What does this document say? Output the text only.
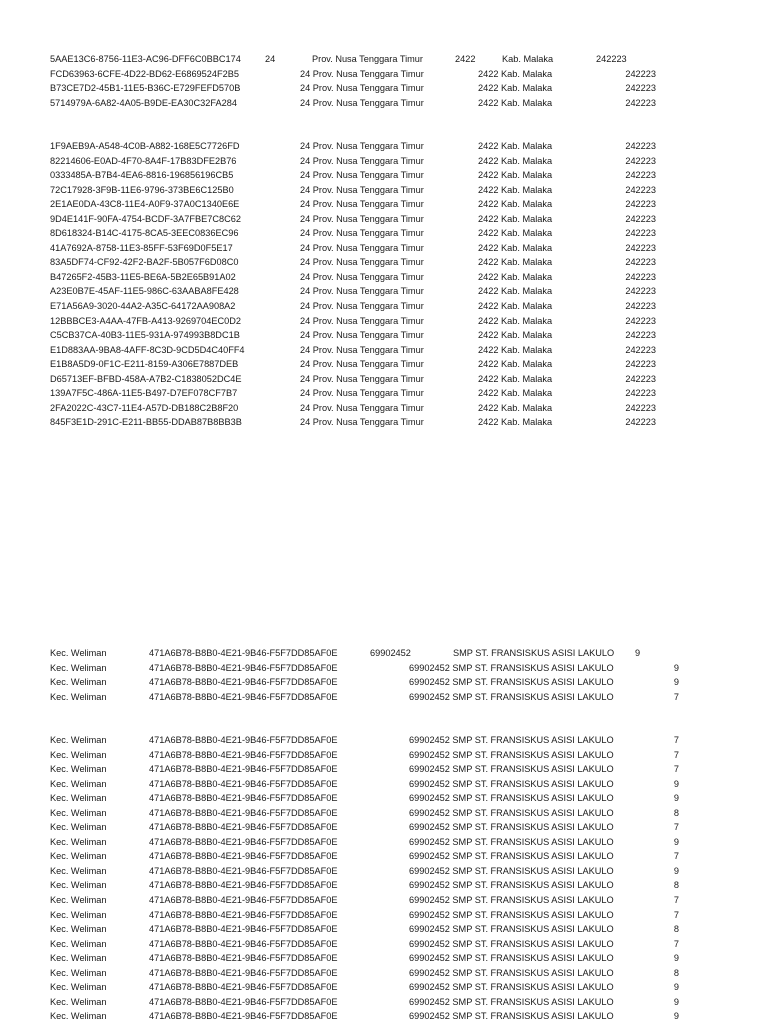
5AAE13C6-8756-11E3-AC96-DFF6C0BBC174	24	Prov. Nusa Tenggara Timur	2422	Kab. Malaka	242223
FCD63963-6CFE-4D22-BD62-E6869524F2B5	24 Prov. Nusa Tenggara Timur	2422 Kab. Malaka	242223
B73CE7D2-45B1-11E5-B36C-E729FEFD570B	24 Prov. Nusa Tenggara Timur	2422 Kab. Malaka	242223
5714979A-6A82-4A05-B9DE-EA30C32FA284	24 Prov. Nusa Tenggara Timur	2422 Kab. Malaka	242223
1F9AEB9A-A548-4C0B-A882-168E5C7726FD	24 Prov. Nusa Tenggara Timur	2422 Kab. Malaka	242223
82214606-E0AD-4F70-8A4F-17B83DFE2B76	24 Prov. Nusa Tenggara Timur	2422 Kab. Malaka	242223
0333485A-B7B4-4EA6-8816-196856196CB5	24 Prov. Nusa Tenggara Timur	2422 Kab. Malaka	242223
72C17928-3F9B-11E6-9796-373BE6C125B0	24 Prov. Nusa Tenggara Timur	2422 Kab. Malaka	242223
2E1AE0DA-43C8-11E4-A0F9-37A0C1340E6E	24 Prov. Nusa Tenggara Timur	2422 Kab. Malaka	242223
9D4E141F-90FA-4754-BCDF-3A7FBE7C8C62	24 Prov. Nusa Tenggara Timur	2422 Kab. Malaka	242223
8D618324-B14C-4175-8CA5-3EEC0836EC96	24 Prov. Nusa Tenggara Timur	2422 Kab. Malaka	242223
41A7692A-8758-11E3-85FF-53F69D0F5E17	24 Prov. Nusa Tenggara Timur	2422 Kab. Malaka	242223
83A5DF74-CF92-42F2-BA2F-5B057F6D08C0	24 Prov. Nusa Tenggara Timur	2422 Kab. Malaka	242223
B47265F2-45B3-11E5-BE6A-5B2E65B91A02	24 Prov. Nusa Tenggara Timur	2422 Kab. Malaka	242223
A23E0B7E-45AF-11E5-986C-63AABA8FE428	24 Prov. Nusa Tenggara Timur	2422 Kab. Malaka	242223
E71A56A9-3020-44A2-A35C-64172AA908A2	24 Prov. Nusa Tenggara Timur	2422 Kab. Malaka	242223
12BBBCE3-A4AA-47FB-A413-9269704EC0D2	24 Prov. Nusa Tenggara Timur	2422 Kab. Malaka	242223
C5CB37CA-40B3-11E5-931A-974993B8DC1B	24 Prov. Nusa Tenggara Timur	2422 Kab. Malaka	242223
E1D883AA-9BA8-4AFF-8C3D-9CD5D4C40FF4	24 Prov. Nusa Tenggara Timur	2422 Kab. Malaka	242223
E1B8A5D9-0F1C-E211-8159-A306E7887DEB	24 Prov. Nusa Tenggara Timur	2422 Kab. Malaka	242223
D65713EF-BFBD-458A-A7B2-C1838052DC4E	24 Prov. Nusa Tenggara Timur	2422 Kab. Malaka	242223
139A7F5C-486A-11E5-B497-D7EF078CF7B7	24 Prov. Nusa Tenggara Timur	2422 Kab. Malaka	242223
2FA2022C-43C7-11E4-A57D-DB188C2B8F20	24 Prov. Nusa Tenggara Timur	2422 Kab. Malaka	242223
845F3E1D-291C-E211-BB55-DDAB87B8BB3B	24 Prov. Nusa Tenggara Timur	2422 Kab. Malaka	242223
Kec. Weliman	471A6B78-B8B0-4E21-9B46-F5F7DD85AF0E	69902452	SMP ST. FRANSISKUS ASISI LAKULO 9
Kec. Weliman	471A6B78-B8B0-4E21-9B46-F5F7DD85AF0E	69902452 SMP ST. FRANSISKUS ASISI LAKULO	9
Kec. Weliman	471A6B78-B8B0-4E21-9B46-F5F7DD85AF0E	69902452 SMP ST. FRANSISKUS ASISI LAKULO	9
Kec. Weliman	471A6B78-B8B0-4E21-9B46-F5F7DD85AF0E	69902452 SMP ST. FRANSISKUS ASISI LAKULO	7
Kec. Weliman	471A6B78-B8B0-4E21-9B46-F5F7DD85AF0E	69902452 SMP ST. FRANSISKUS ASISI LAKULO	7
Kec. Weliman	471A6B78-B8B0-4E21-9B46-F5F7DD85AF0E	69902452 SMP ST. FRANSISKUS ASISI LAKULO	7
Kec. Weliman	471A6B78-B8B0-4E21-9B46-F5F7DD85AF0E	69902452 SMP ST. FRANSISKUS ASISI LAKULO	7
Kec. Weliman	471A6B78-B8B0-4E21-9B46-F5F7DD85AF0E	69902452 SMP ST. FRANSISKUS ASISI LAKULO	9
Kec. Weliman	471A6B78-B8B0-4E21-9B46-F5F7DD85AF0E	69902452 SMP ST. FRANSISKUS ASISI LAKULO	9
Kec. Weliman	471A6B78-B8B0-4E21-9B46-F5F7DD85AF0E	69902452 SMP ST. FRANSISKUS ASISI LAKULO	8
Kec. Weliman	471A6B78-B8B0-4E21-9B46-F5F7DD85AF0E	69902452 SMP ST. FRANSISKUS ASISI LAKULO	7
Kec. Weliman	471A6B78-B8B0-4E21-9B46-F5F7DD85AF0E	69902452 SMP ST. FRANSISKUS ASISI LAKULO	9
Kec. Weliman	471A6B78-B8B0-4E21-9B46-F5F7DD85AF0E	69902452 SMP ST. FRANSISKUS ASISI LAKULO	7
Kec. Weliman	471A6B78-B8B0-4E21-9B46-F5F7DD85AF0E	69902452 SMP ST. FRANSISKUS ASISI LAKULO	9
Kec. Weliman	471A6B78-B8B0-4E21-9B46-F5F7DD85AF0E	69902452 SMP ST. FRANSISKUS ASISI LAKULO	8
Kec. Weliman	471A6B78-B8B0-4E21-9B46-F5F7DD85AF0E	69902452 SMP ST. FRANSISKUS ASISI LAKULO	7
Kec. Weliman	471A6B78-B8B0-4E21-9B46-F5F7DD85AF0E	69902452 SMP ST. FRANSISKUS ASISI LAKULO	7
Kec. Weliman	471A6B78-B8B0-4E21-9B46-F5F7DD85AF0E	69902452 SMP ST. FRANSISKUS ASISI LAKULO	8
Kec. Weliman	471A6B78-B8B0-4E21-9B46-F5F7DD85AF0E	69902452 SMP ST. FRANSISKUS ASISI LAKULO	7
Kec. Weliman	471A6B78-B8B0-4E21-9B46-F5F7DD85AF0E	69902452 SMP ST. FRANSISKUS ASISI LAKULO	9
Kec. Weliman	471A6B78-B8B0-4E21-9B46-F5F7DD85AF0E	69902452 SMP ST. FRANSISKUS ASISI LAKULO	8
Kec. Weliman	471A6B78-B8B0-4E21-9B46-F5F7DD85AF0E	69902452 SMP ST. FRANSISKUS ASISI LAKULO	9
Kec. Weliman	471A6B78-B8B0-4E21-9B46-F5F7DD85AF0E	69902452 SMP ST. FRANSISKUS ASISI LAKULO	9
Kec. Weliman	471A6B78-B8B0-4E21-9B46-F5F7DD85AF0E	69902452 SMP ST. FRANSISKUS ASISI LAKULO	9
